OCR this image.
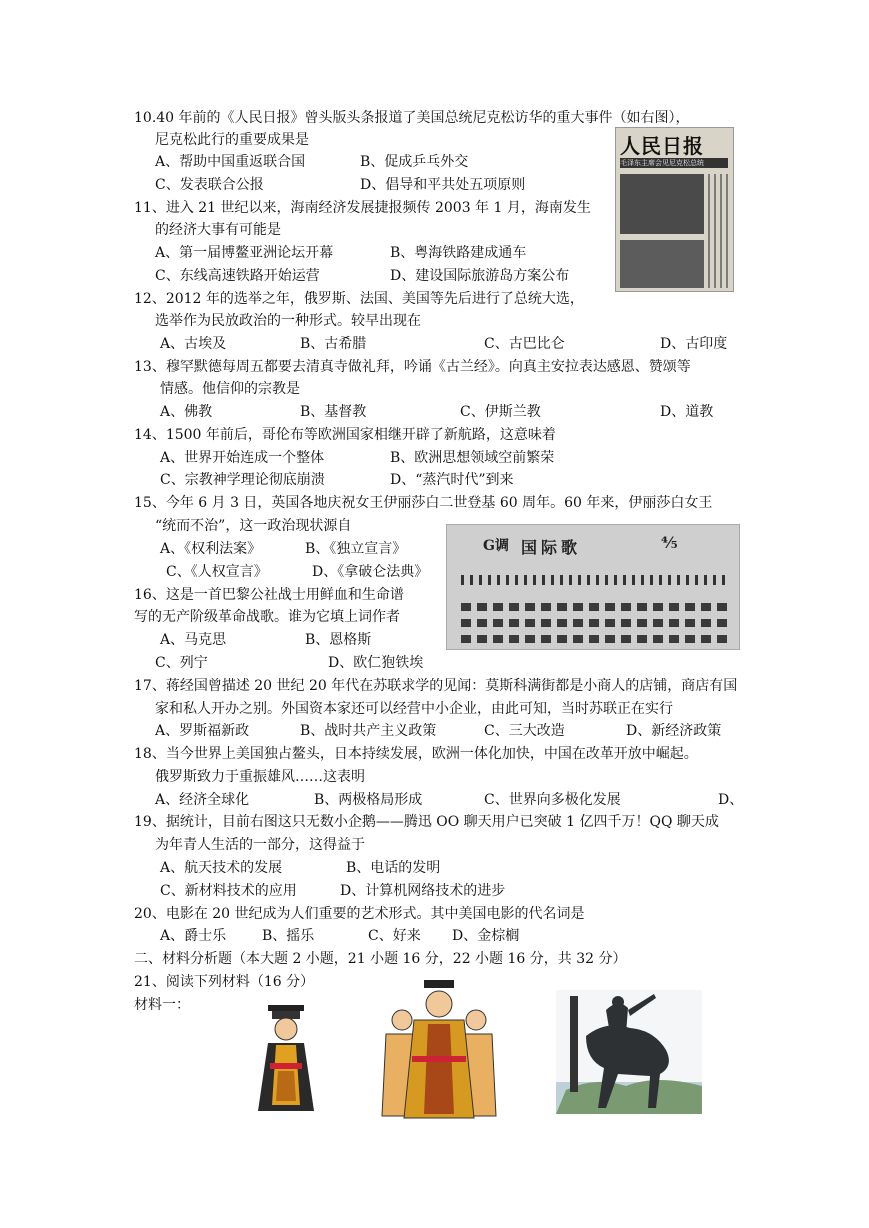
10.40 年前的《人民日报》曾头版头条报道了美国总统尼克松访华的重大事件（如右图），
尼克松此行的重要成果是
A、帮助中国重返联合国	B、促成乒乓外交
C、发表联合公报	D、倡导和平共处五项原则
11、进入 21 世纪以来，海南经济发展捷报频传 2003 年 1 月，海南发生
的经济大事有可能是
A、第一届博鳌亚洲论坛开幕	B、粤海铁路建成通车
C、东线高速铁路开始运营	D、建设国际旅游岛方案公布
12、2012 年的选举之年，俄罗斯、法国、美国等先后进行了总统大选，
选举作为民放政治的一种形式。较早出现在
A、古埃及	B、古希腊	C、古巴比仑	D、古印度
13、穆罕默德每周五都要去清真寺做礼拜，吟诵《古兰经》。向真主安拉表达感恩、赞颂等
情感。他信仰的宗教是
A、佛教	B、基督教	C、伊斯兰教	D、道教
14、1500 年前后，哥伦布等欧洲国家相继开辟了新航路，这意味着
A、世界开始连成一个整体	B、欧洲思想领域空前繁荣
C、宗教神学理论彻底崩溃	D、“蒸汽时代”到来
15、今年 6 月 3 日，英国各地庆祝女王伊丽莎白二世登基 60 周年。60 年来，伊丽莎白女王
“统而不治”，这一政治现状源自
A、《权利法案》	B、《独立宣言》
C、《人权宣言》	D、《拿破仑法典》
16、这是一首巴黎公社战士用鲜血和生命谱
写的无产阶级革命战歌。谁为它填上词作者
A、马克思	B、恩格斯
C、列宁	D、欧仁狍铁埃
17、蒋经国曾描述 20 世纪 20 年代在苏联求学的见闻：莫斯科满街都是小商人的店铺，商店有国
家和私人开办之别。外国资本家还可以经营中小企业，由此可知，当时苏联正在实行
A、罗斯福新政	B、战时共产主义政策	C、三大改造	D、新经济政策
18、当今世界上美国独占鳌头，日本持续发展，欧洲一体化加快，中国在改革开放中崛起。
俄罗斯致力于重振雄风……这表明
A、经济全球化	B、两极格局形成	C、世界向多极化发展	D、
19、据统计，目前右图这只无数小企鹅——腾迅 OO 聊天用户已突破 1 亿四千万！QQ 聊天成
为年青人生活的一部分，这得益于
A、航天技术的发展	B、电话的发明
C、新材料技术的应用	D、计算机网络技术的进步
20、电影在 20 世纪成为人们重要的艺术形式。其中美国电影的代名词是
A、爵士乐	B、摇乐	C、好来 D、金棕榈
二、材料分析题（本大题 2 小题，21 小题 16 分，22 小题 16 分，共 32 分）
21、阅读下列材料（16 分）
材料一：
人民日报
毛泽东主席会见尼克松总统
G调 国际歌	⅘
